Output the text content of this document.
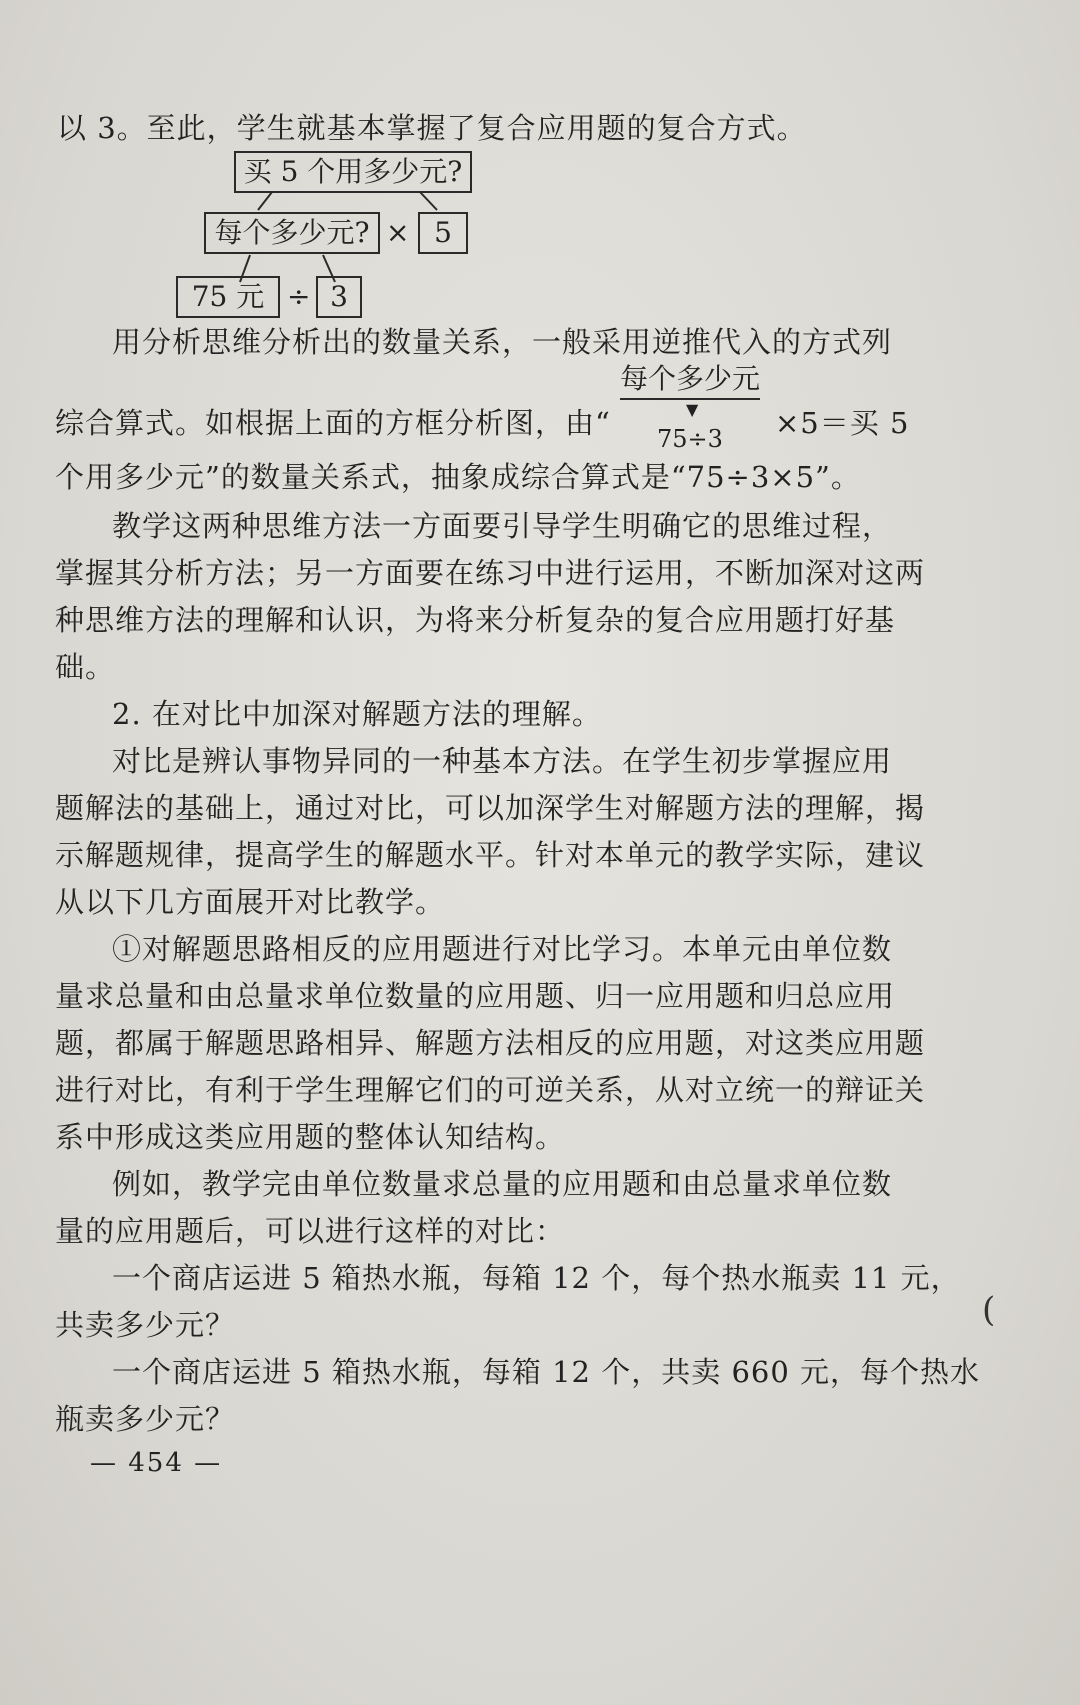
以 3。至此，学生就基本掌握了复合应用题的复合方式。
买 5 个用多少元?
每个多少元? × 5
75 元 ÷ 3
用分析思维分析出的数量关系，一般采用逆推代入的方式列
每个多少元
▼
综合算式。如根据上面的方框分析图，由“ 75÷3 ×5＝买 5
个用多少元”的数量关系式，抽象成综合算式是“75÷3×5”。
教学这两种思维方法一方面要引导学生明确它的思维过程，
掌握其分析方法；另一方面要在练习中进行运用，不断加深对这两
种思维方法的理解和认识，为将来分析复杂的复合应用题打好基
础。
2. 在对比中加深对解题方法的理解。
对比是辨认事物异同的一种基本方法。在学生初步掌握应用
题解法的基础上，通过对比，可以加深学生对解题方法的理解，揭
示解题规律，提高学生的解题水平。针对本单元的教学实际，建议
从以下几方面展开对比教学。
①对解题思路相反的应用题进行对比学习。本单元由单位数
量求总量和由总量求单位数量的应用题、归一应用题和归总应用
题，都属于解题思路相异、解题方法相反的应用题，对这类应用题
进行对比，有利于学生理解它们的可逆关系，从对立统一的辩证关
系中形成这类应用题的整体认知结构。
例如，教学完由单位数量求总量的应用题和由总量求单位数
量的应用题后，可以进行这样的对比：
一个商店运进 5 箱热水瓶，每箱 12 个，每个热水瓶卖 11 元，
共卖多少元？
一个商店运进 5 箱热水瓶，每箱 12 个，共卖 660 元，每个热水
瓶卖多少元？
— 454 —
(
